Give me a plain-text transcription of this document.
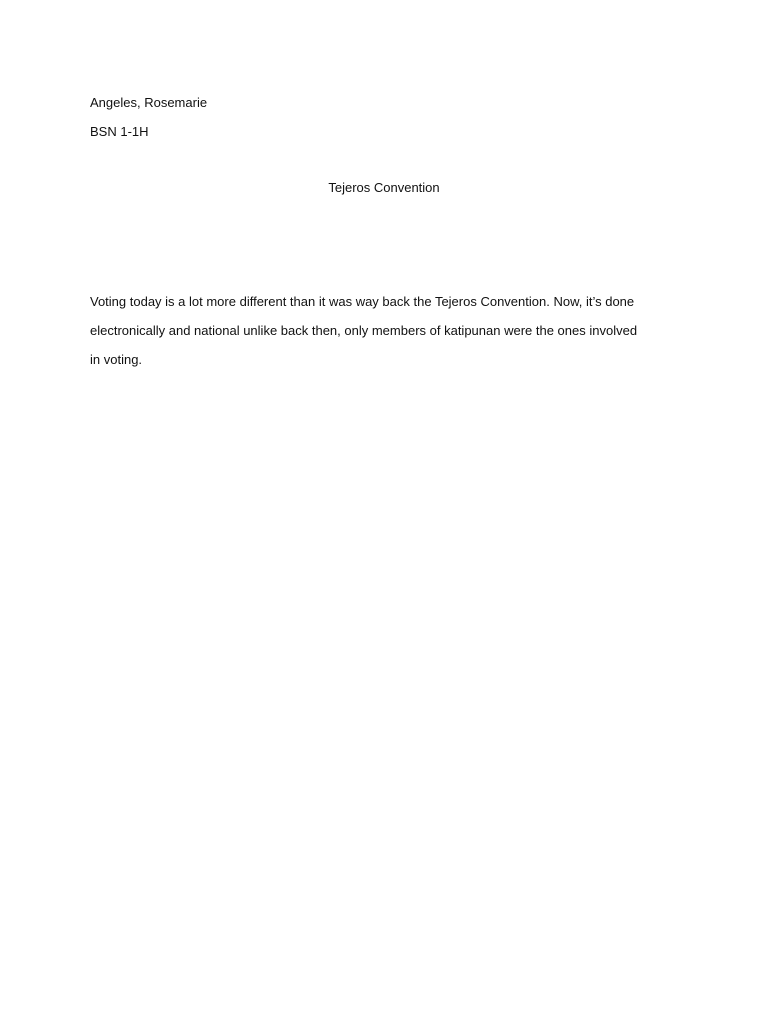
Angeles, Rosemarie
BSN 1-1H
Tejeros Convention
Voting today is a lot more different than it was way back the Tejeros Convention. Now, it’s done
electronically and national unlike back then, only members of katipunan were the ones involved
in voting.
